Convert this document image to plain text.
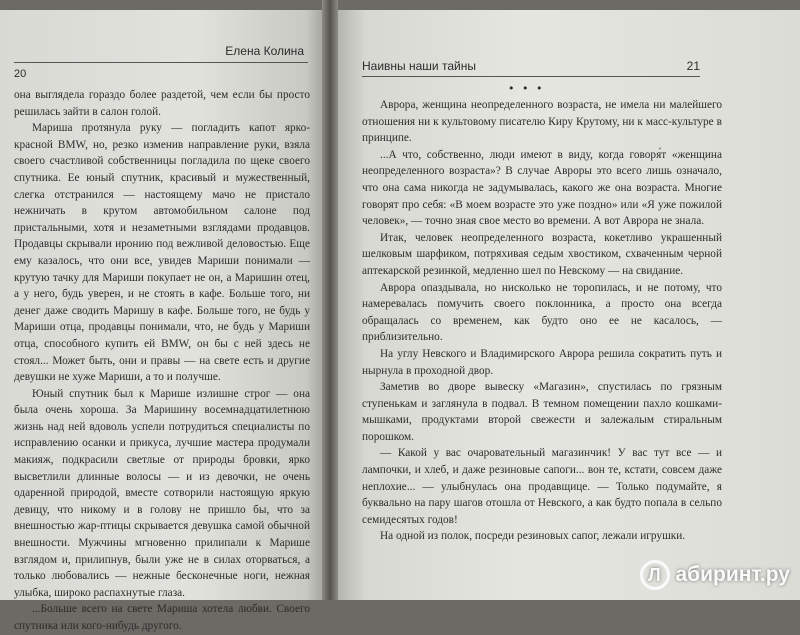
20
Елена Колина

она выглядела гораздо более раздетой, чем если бы просто решилась зайти в салон голой.

Мариша протянула руку — погладить капот ярко-красной BMW, но, резко изменив направление руки, взяла своего счастливой собственницы погладила по щеке своего спутника. Ее юный спутник, красивый и мужественный, слегка отстранился — настоящему мачо не пристало нежничать в крутом автомобильном салоне под пристальными, хотя и незаметными взглядами продавцов. Продавцы скрывали иронию под вежливой деловостью. Еще ему казалось, что они все, увидев Мариши понимали — крутую тачку для Мариши покупает не он, а Маришин отец, а у него, будь уверен, и не стоять в кафе. Больше того, ни денег даже сводить Маришу в кафе. Больше того, не будь у Мариши отца, продавцы понимали, что, не будь у Мариши отца, способного купить ей BMW, он бы с ней здесь не стоял... Может быть, они и правы — на свете есть и другие девушки не хуже Мариши, а то и получше.

Юный спутник был к Марише излишне строг — она была очень хороша. За Маришину восемнадцатилетнюю жизнь над ней вдоволь успели потрудиться специалисты по исправлению осанки и прикуса, лучшие мастера продумали макияж, подкрасили светлые от природы бровки, ярко высветлили длинные волосы — и из девочки, не очень одаренной природой, вместе сотворили настоящую яркую девицу, что никому и в голову не пришло бы, что за внешностью жар-птицы скрывается девушка самой обычной внешности. Мужчины мгновенно прилипали к Марише взглядом и, прилипнув, были уже не в силах оторваться, а только любовались — нежные бесконечные ноги, нежная улыбка, широко распахнутые глаза.

...Больше всего на свете Мариша хотела любви. Своего спутника или кого-нибудь другого.

Наивны наши тайны	21
• • •

Аврора, женщина неопределенного возраста, не имела ни малейшего отношения ни к культовому писателю Киру Крутому, ни к масс-культуре в принципе.

...А что, собственно, люди имеют в виду, когда говоря́т «женщина неопределенного возраста»? В случае Авроры это всего лишь означало, что она сама никогда не задумывалась, какого же она возраста. Многие говорят про себя: «В моем возрасте это уже поздно» или «Я уже пожилой человек», — точно зная свое место во времени. А вот Аврора не знала.

Итак, человек неопределенного возраста, кокетливо украшенный шелковым шарфиком, потряхивая седым хвостиком, схваченным черной аптекарской резинкой, медленно шел по Невскому — на свидание.

Аврора опаздывала, но нисколько не торопилась, и не потому, что намеревалась помучить своего поклонника, а просто она всегда обращалась со временем, как будто оно ее не касалось, — приблизительно.

На углу Невского и Владимирского Аврора решила сократить путь и нырнула в проходной двор.

Заметив во дворе вывеску «Магазин», спустилась по грязным ступенькам и заглянула в подвал. В темном помещении пахло кошками-мышками, продуктами второй свежести и залежалым стиральным порошком.

— Какой у вас очаровательный магазинчик! У вас тут все — и лампочки, и хлеб, и даже резиновые сапоги... вон те, кстати, совсем даже неплохие... — улыбнулась она продавщице. — Только подумайте, я буквально на пару шагов отошла от Невского, а как будто попала в сельпо семидесятых годов!

На одной из полок, посреди резиновых сапог, лежали игрушки.

Л абиринт.ру
